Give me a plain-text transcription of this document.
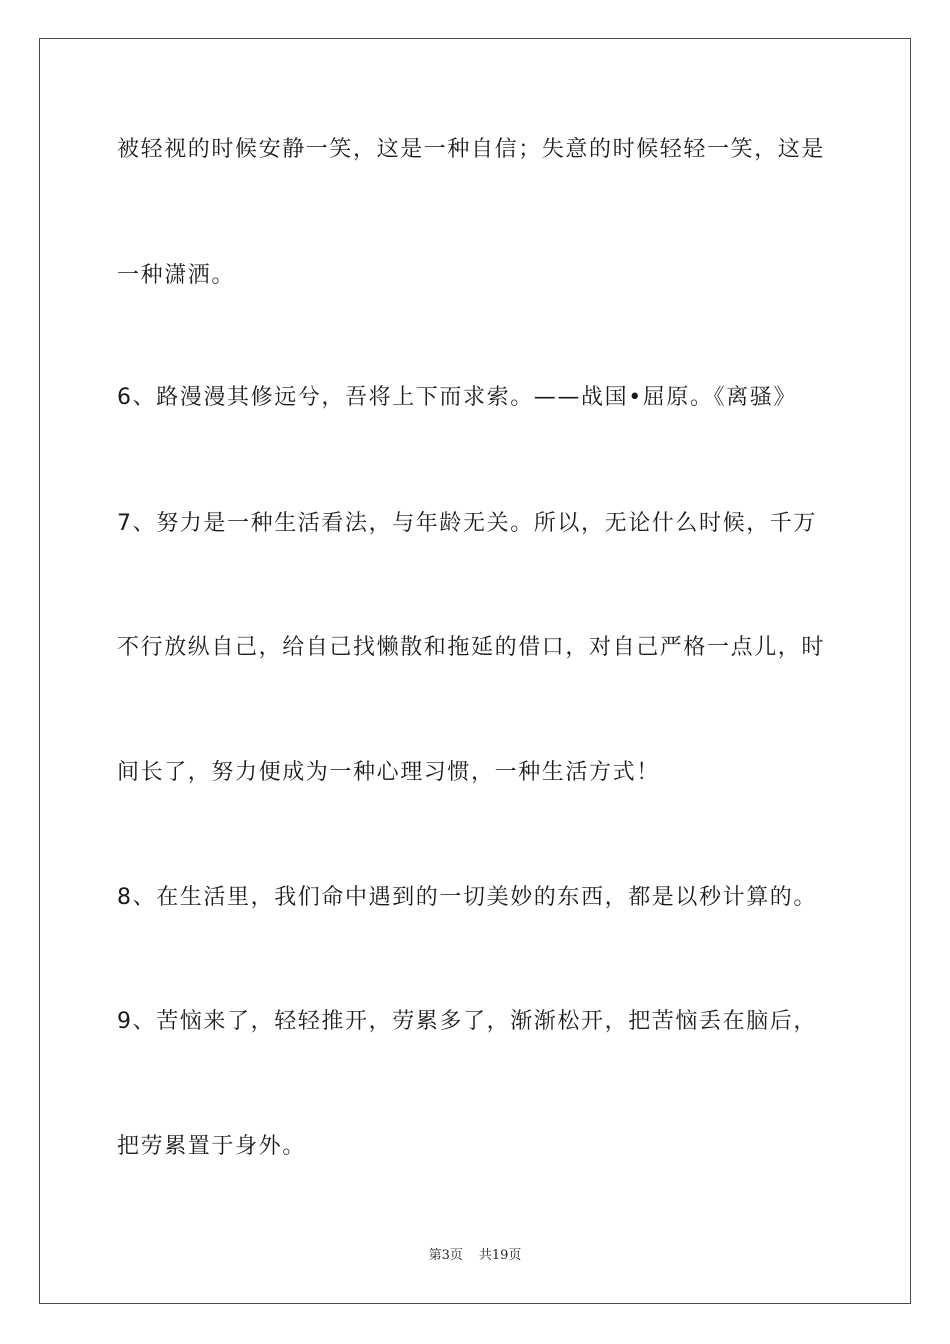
被轻视的时候安静一笑，这是一种自信；失意的时候轻轻一笑，这是
一种潇洒。
6、路漫漫其修远兮，吾将上下而求索。——战国•屈原。《离骚》
7、努力是一种生活看法，与年龄无关。所以，无论什么时候，千万
不行放纵自己，给自己找懒散和拖延的借口，对自己严格一点儿，时
间长了，努力便成为一种心理习惯，一种生活方式！
8、在生活里，我们命中遇到的一切美妙的东西，都是以秒计算的。
9、苦恼来了，轻轻推开，劳累多了，渐渐松开，把苦恼丢在脑后，
把劳累置于身外。
第3页 共19页
